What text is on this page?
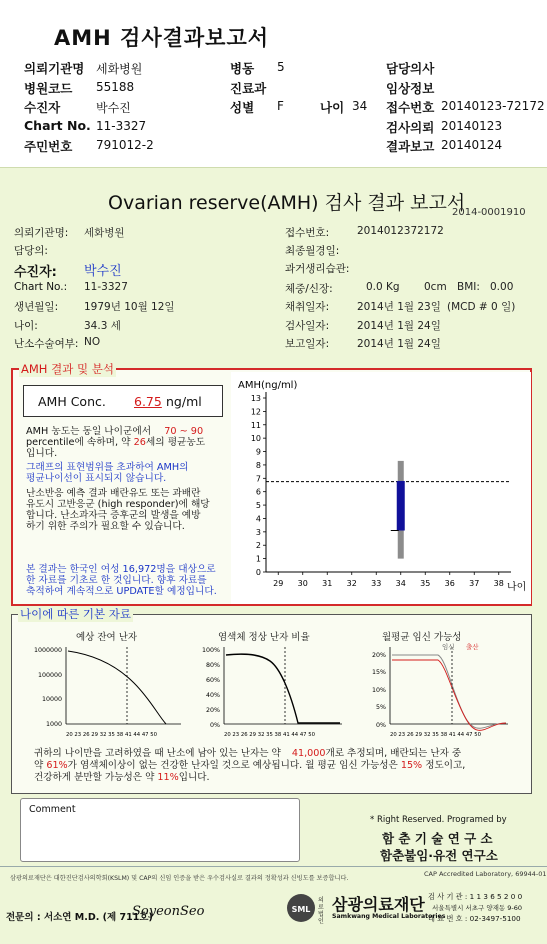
AMH 검사결과보고서
의뢰기관명 세화병원	병동 5	담당의사
병원코드 55188	진료과	임상정보
수진자	박수진	성별 F	나이 34 접수번호 20140123-72172
Chart No. 11-3327	검사의뢰 20140123
주민번호 791012-2	결과보고 20140124
Ovarian reserve(AMH) 검사 결과 보고서
2014-0001910
의뢰기관명: 세화병원
담당의:
수진자: 박수진
Chart No.: 11-3327
생년월일: 1979년 10월 12일
나이:	34.3 세
난소수술여부: NO
접수번호:	2014012372172
최종월경일:
과거생리습관:
체중/신장:	0.0 Kg 0cm BMI: 0.00
채취일자:	2014년 1월 23일 (MCD # 0 일)
검사일자:	2014년 1월 24일
보고일자:	2014년 1월 24일
AMH 결과 및 분석
AMH Conc. 6.75 ng/ml
AMH 농도는 동일 나이군에서 70 ~ 90
percentile에 속하며, 약 26세의 평균농도
입니다.
그래프의 표현범위를 초과하여 AMH의
평균나이선이 표시되지 않습니다.
난소반응 예측 결과 배란유도 또는 과배란
유도시 고반응군 (high responder)에 해당
합니다. 난소과자극 증후군의 발생을 예방
하기 위한 주의가 필요할 수 있습니다.
본 결과는 한국인 여성 16,972명을 대상으로
한 자료를 기초로 한 것입니다. 향후 자료를
축적하여 계속적으로 UPDATE할 예정입니다.
AMH(ng/ml)
나이
0
1
2
3
4
5
6
7
8
9
10
11
12
13
29 30 31 32 33 34 35 36 37 38
나이에 따른 기본 자료
예상 잔여 난자	염색체 정상 난자 비율	월평균 임신 가능성
1000000
100000
10000
1000
20 23 26 29 32 35 38 41 44 47 50
100%
80%
60%
40%
20%
0%
20 23 26 29 32 35 38 41 44 47 50
임신 출산
20%
15%
10%
5%
0%
20 23 26 29 32 35 38 41 44 47 50
귀하의 나이만을 고려하였을 때 난소에 남아 있는 난자는 약 41,000개로 추정되며, 배란되는 난자 중
약 61%가 염색체이상이 없는 건강한 난자일 것으로 예상됩니다. 월 평균 임신 가능성은 15% 정도이고,
건강하게 분만할 가능성은 약 11%입니다.
Comment
* Right Reserved. Programed by
함 춘 기 술 연 구 소
함춘불임·유전 연구소
삼광의료재단은 대한진단검사의학회(KSLM) 및 CAP의 신임 인증을 받은 우수검사실로 결과의 정확성과 신빙도를 보증합니다.
CAP Accredited Laboratory, 69944-01
전문의 : 서소연 M.D. (제 711호)
SoyeonSeo	SML
의료법인
삼광의료재단
Samkwang Medical Laboratories
검 사 기 관 : 1 1 3 6 5 2 0 0
서울특별시 서초구 양재동 9-60
대 표 번 호 : 02-3497-5100
